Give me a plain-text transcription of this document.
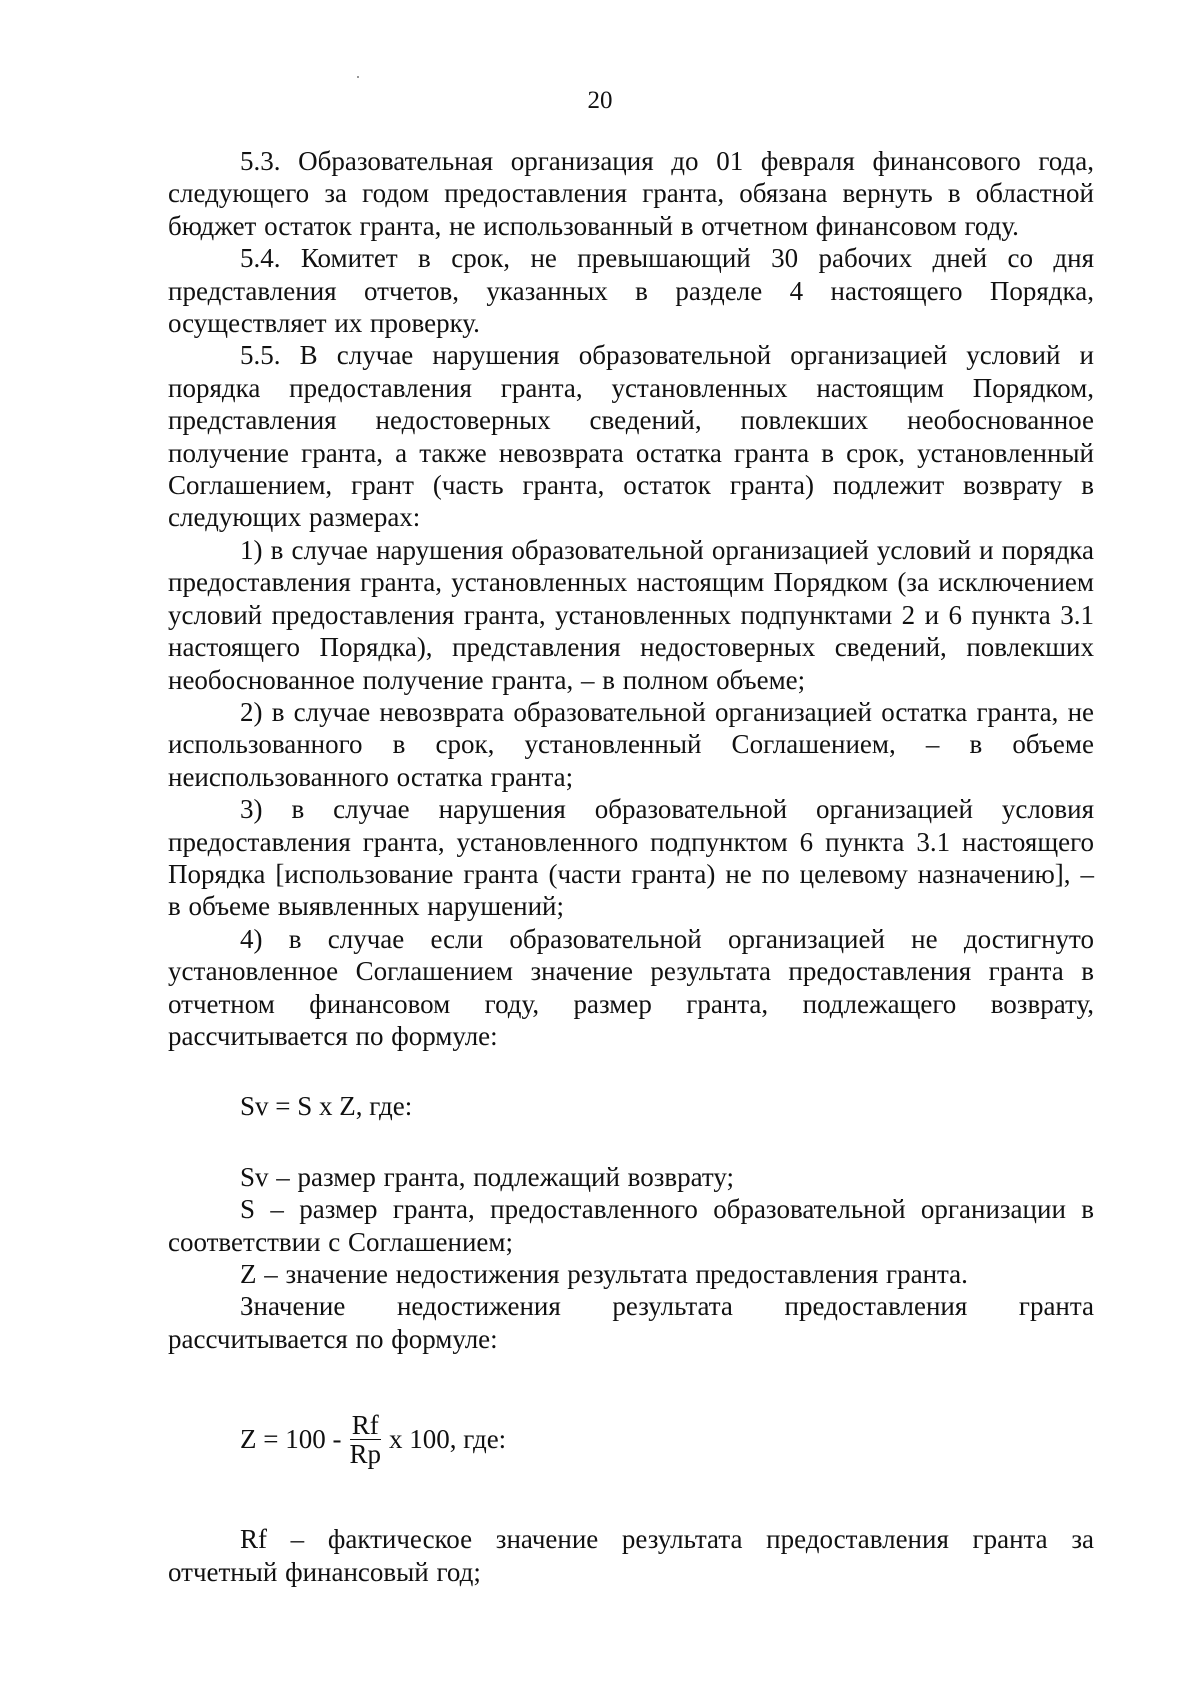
20

5.3. Образовательная организация до 01 февраля финансового года, следующего за годом предоставления гранта, обязана вернуть в областной бюджет остаток гранта, не использованный в отчетном финансовом году.

5.4. Комитет в срок, не превышающий 30 рабочих дней со дня представления отчетов, указанных в разделе 4 настоящего Порядка, осуществляет их проверку.

5.5. В случае нарушения образовательной организацией условий и порядка предоставления гранта, установленных настоящим Порядком, представления недостоверных сведений, повлекших необоснованное получение гранта, а также невозврата остатка гранта в срок, установленный Соглашением, грант (часть гранта, остаток гранта) подлежит возврату в следующих размерах:

1) в случае нарушения образовательной организацией условий и порядка предоставления гранта, установленных настоящим Порядком (за исключением условий предоставления гранта, установленных подпунктами 2 и 6 пункта 3.1 настоящего Порядка), представления недостоверных сведений, повлекших необоснованное получение гранта, – в полном объеме;

2) в случае невозврата образовательной организацией остатка гранта, не использованного в срок, установленный Соглашением, – в объеме неиспользованного остатка гранта;

3) в случае нарушения образовательной организацией условия предоставления гранта, установленного подпунктом 6 пункта 3.1 настоящего Порядка [использование гранта (части гранта) не по целевому назначению], – в объеме выявленных нарушений;

4) в случае если образовательной организацией не достигнуто установленное Соглашением значение результата предоставления гранта в отчетном финансовом году, размер гранта, подлежащего возврату, рассчитывается по формуле:

Sv = S x Z, где:

Sv – размер гранта, подлежащий возврату;

S – размер гранта, предоставленного образовательной организации в соответствии с Соглашением;

Z – значение недостижения результата предоставления гранта.

Значение недостижения результата предоставления гранта рассчитывается по формуле:

$Z = 100 - \frac{Rf}{Rp}$ x 100, где:

Rf – фактическое значение результата предоставления гранта за отчетный финансовый год;
